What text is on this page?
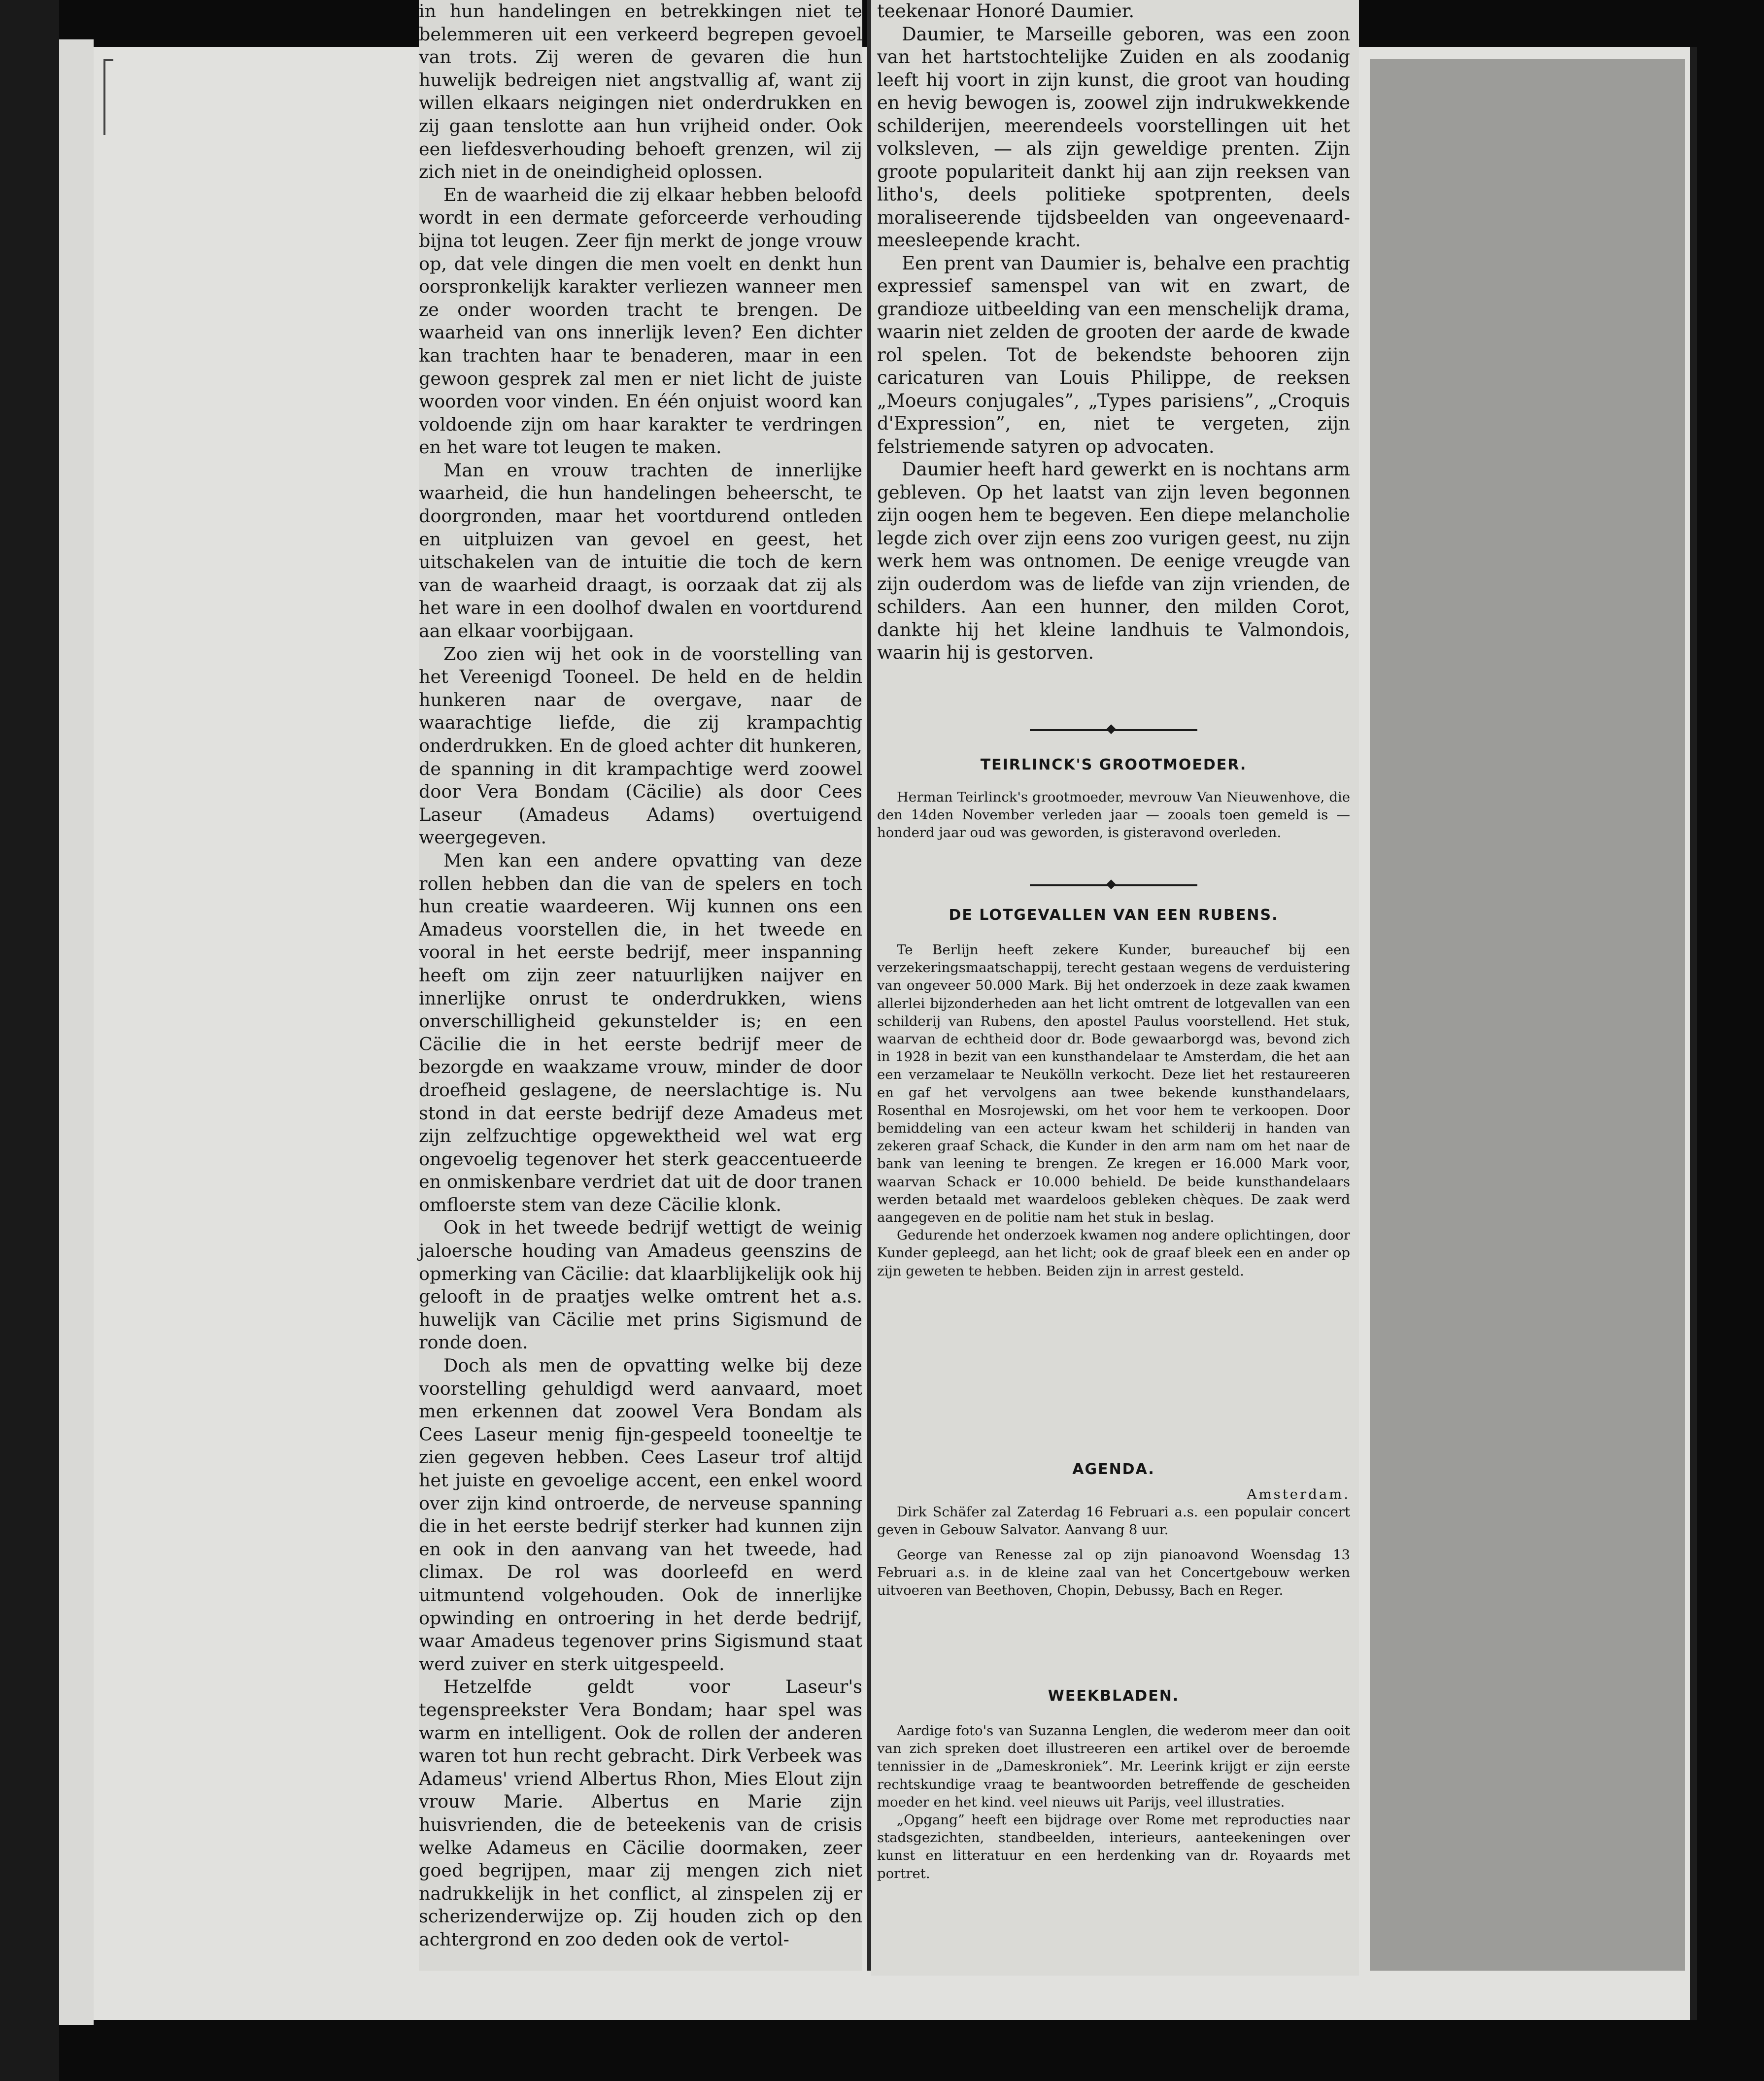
in hun handelingen en betrekkingen niet te belemmeren uit een verkeerd begrepen gevoel van trots. Zij weren de gevaren die hun huwelijk bedreigen niet angstvallig af, want zij willen elkaars neigingen niet onderdrukken en zij gaan tenslotte aan hun vrijheid onder. Ook een liefdesverhouding behoeft grenzen, wil zij zich niet in de oneindigheid oplossen.

En de waarheid die zij elkaar hebben beloofd wordt in een dermate geforceerde verhouding bijna tot leugen. Zeer fijn merkt de jonge vrouw op, dat vele dingen die men voelt en denkt hun oorspronkelijk karakter verliezen wanneer men ze onder woorden tracht te brengen. De waarheid van ons innerlijk leven? Een dichter kan trachten haar te benaderen, maar in een gewoon gesprek zal men er niet licht de juiste woorden voor vinden. En één onjuist woord kan voldoende zijn om haar karakter te verdringen en het ware tot leugen te maken.

Man en vrouw trachten de innerlijke waarheid, die hun handelingen beheerscht, te doorgronden, maar het voortdurend ontleden en uitpluizen van gevoel en geest, het uitschakelen van de intuitie die toch de kern van de waarheid draagt, is oorzaak dat zij als het ware in een doolhof dwalen en voortdurend aan elkaar voorbijgaan.

Zoo zien wij het ook in de voorstelling van het Vereenigd Tooneel. De held en de heldin hunkeren naar de overgave, naar de waarachtige liefde, die zij krampachtig onderdrukken. En de gloed achter dit hunkeren, de spanning in dit krampachtige werd zoowel door Vera Bondam (Cäcilie) als door Cees Laseur (Amadeus Adams) overtuigend weergegeven.

Men kan een andere opvatting van deze rollen hebben dan die van de spelers en toch hun creatie waardeeren. Wij kunnen ons een Amadeus voorstellen die, in het tweede en vooral in het eerste bedrijf, meer inspanning heeft om zijn zeer natuurlijken naijver en innerlijke onrust te onderdrukken, wiens onverschilligheid gekunstelder is; en een Cäcilie die in het eerste bedrijf meer de bezorgde en waakzame vrouw, minder de door droefheid geslagene, de neerslachtige is. Nu stond in dat eerste bedrijf deze Amadeus met zijn zelfzuchtige opgewektheid wel wat erg ongevoelig tegenover het sterk geaccentueerde en onmiskenbare verdriet dat uit de door tranen omfloerste stem van deze Cäcilie klonk.

Ook in het tweede bedrijf wettigt de weinig jaloersche houding van Amadeus geenszins de opmerking van Cäcilie: dat klaarblijkelijk ook hij gelooft in de praatjes welke omtrent het a.s. huwelijk van Cäcilie met prins Sigismund de ronde doen.

Doch als men de opvatting welke bij deze voorstelling gehuldigd werd aanvaard, moet men erkennen dat zoowel Vera Bondam als Cees Laseur menig fijn-gespeeld tooneeltje te zien gegeven hebben. Cees Laseur trof altijd het juiste en gevoelige accent, een enkel woord over zijn kind ontroerde, de nerveuse spanning die in het eerste bedrijf sterker had kunnen zijn en ook in den aanvang van het tweede, had climax. De rol was doorleefd en werd uitmuntend volgehouden. Ook de innerlijke opwinding en ontroering in het derde bedrijf, waar Amadeus tegenover prins Sigismund staat werd zuiver en sterk uitgespeeld.

Hetzelfde geldt voor Laseur's tegenspreekster Vera Bondam; haar spel was warm en intelligent. Ook de rollen der anderen waren tot hun recht gebracht. Dirk Verbeek was Adameus' vriend Albertus Rhon, Mies Elout zijn vrouw Marie. Albertus en Marie zijn huisvrienden, die de beteekenis van de crisis welke Adameus en Cäcilie doormaken, zeer goed begrijpen, maar zij mengen zich niet nadrukkelijk in het conflict, al zinspelen zij er scherizenderwijze op. Zij houden zich op den achtergrond en zoo deden ook de vertol-

teekenaar Honoré Daumier.

Daumier, te Marseille geboren, was een zoon van het hartstochtelijke Zuiden en als zoodanig leeft hij voort in zijn kunst, die groot van houding en hevig bewogen is, zoowel zijn indrukwekkende schilderijen, meerendeels voorstellingen uit het volksleven, — als zijn geweldige prenten. Zijn groote populariteit dankt hij aan zijn reeksen van litho's, deels politieke spotprenten, deels moraliseerende tijdsbeelden van ongeevenaard-meesleepende kracht.

Een prent van Daumier is, behalve een prachtig expressief samenspel van wit en zwart, de grandioze uitbeelding van een menschelijk drama, waarin niet zelden de grooten der aarde de kwade rol spelen. Tot de bekendste behooren zijn caricaturen van Louis Philippe, de reeksen „Moeurs conjugales”, „Types parisiens”, „Croquis d'Expression”, en, niet te vergeten, zijn felstriemende satyren op advocaten.

Daumier heeft hard gewerkt en is nochtans arm gebleven. Op het laatst van zijn leven begonnen zijn oogen hem te begeven. Een diepe melancholie legde zich over zijn eens zoo vurigen geest, nu zijn werk hem was ontnomen. De eenige vreugde van zijn ouderdom was de liefde van zijn vrienden, de schilders. Aan een hunner, den milden Corot, dankte hij het kleine landhuis te Valmondois, waarin hij is gestorven.

◆
TEIRLINCK'S GROOTMOEDER.

Herman Teirlinck's grootmoeder, mevrouw Van Nieuwenhove, die den 14den November verleden jaar — zooals toen gemeld is — honderd jaar oud was geworden, is gisteravond overleden.

◆
DE LOTGEVALLEN VAN EEN RUBENS.

Te Berlijn heeft zekere Kunder, bureauchef bij een verzekeringsmaatschappij, terecht gestaan wegens de verduistering van ongeveer 50.000 Mark. Bij het onderzoek in deze zaak kwamen allerlei bijzonderheden aan het licht omtrent de lotgevallen van een schilderij van Rubens, den apostel Paulus voorstellend. Het stuk, waarvan de echtheid door dr. Bode gewaarborgd was, bevond zich in 1928 in bezit van een kunsthandelaar te Amsterdam, die het aan een verzamelaar te Neukölln verkocht. Deze liet het restaureeren en gaf het vervolgens aan twee bekende kunsthandelaars, Rosenthal en Mosrojewski, om het voor hem te verkoopen. Door bemiddeling van een acteur kwam het schilderij in handen van zekeren graaf Schack, die Kunder in den arm nam om het naar de bank van leening te brengen. Ze kregen er 16.000 Mark voor, waarvan Schack er 10.000 behield. De beide kunsthandelaars werden betaald met waardeloos gebleken chèques. De zaak werd aangegeven en de politie nam het stuk in beslag.

Gedurende het onderzoek kwamen nog andere oplichtingen, door Kunder gepleegd, aan het licht; ook de graaf bleek een en ander op zijn geweten te hebben. Beiden zijn in arrest gesteld.

AGENDA.

Amsterdam.

Dirk Schäfer zal Zaterdag 16 Februari a.s. een populair concert geven in Gebouw Salvator. Aanvang 8 uur.

George van Renesse zal op zijn pianoavond Woensdag 13 Februari a.s. in de kleine zaal van het Concertgebouw werken uitvoeren van Beethoven, Chopin, Debussy, Bach en Reger.

WEEKBLADEN.

Aardige foto's van Suzanna Lenglen, die wederom meer dan ooit van zich spreken doet illustreeren een artikel over de beroemde tennissier in de „Dameskroniek”. Mr. Leerink krijgt er zijn eerste rechtskundige vraag te beantwoorden betreffende de gescheiden moeder en het kind. veel nieuws uit Parijs, veel illustraties.

„Opgang” heeft een bijdrage over Rome met reproducties naar stadsgezichten, standbeelden, interieurs, aanteekeningen over kunst en litteratuur en een herdenking van dr. Royaards met portret.
